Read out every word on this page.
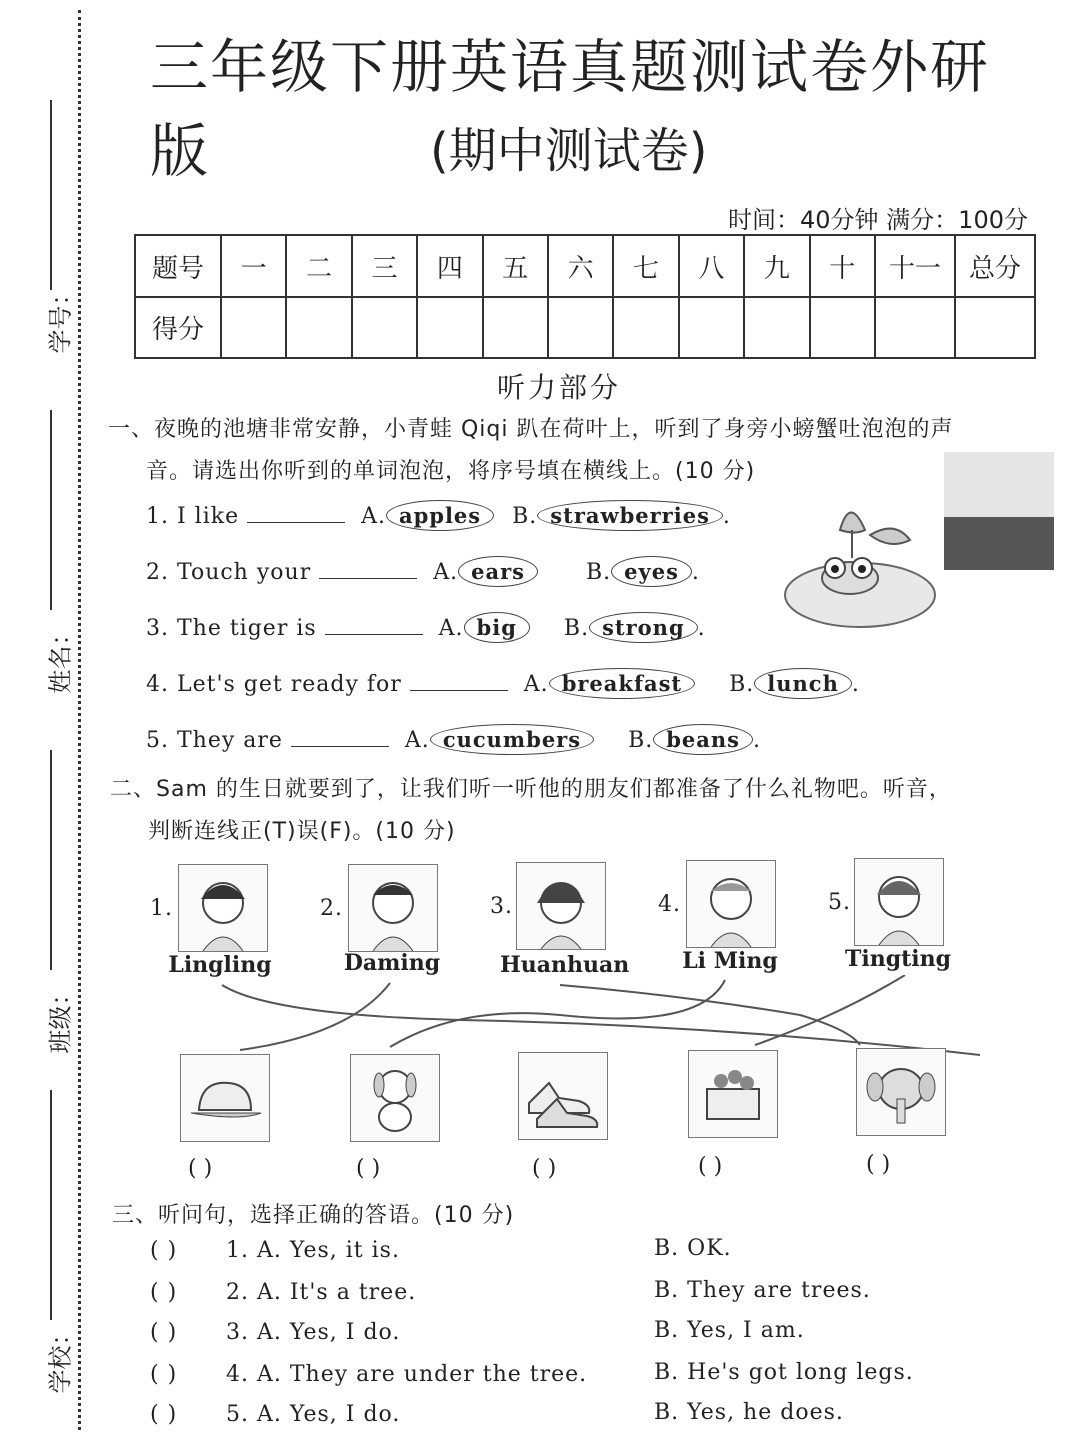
学号：
姓名：
班级：
学校：
三年级下册英语真题测试卷外研版	(期中测试卷)
时间：40分钟 满分：100分
题号	一	二	三	四	五	六	七	八	九	十	十一	总分
得分												
听力部分
一、夜晚的池塘非常安静，小青蛙 Qiqi 趴在荷叶上，听到了身旁小螃蟹吐泡泡的声
音。请选出你听到的单词泡泡，将序号填在横线上。(10 分)
1. I like	A. apples B. strawberries .
2. Touch your	A. ears	B. eyes .
3. The tiger is	A. big B. strong .
4. Let's get ready for	A. breakfast B. lunch .
5. They are	A. cucumbers B. beans .
二、Sam 的生日就要到了，让我们听一听他的朋友们都准备了什么礼物吧。听音，
判断连线正(T)误(F)。(10 分)
1.
Lingling
2.
Daming
3.
Huanhuan
4.
Li Ming
5.
Tingting
( )	( )	( )	( )	( )
三、听问句，选择正确的答语。(10 分)
( ) 1. A. Yes, it is.	B. OK.
( ) 2. A. It's a tree.	B. They are trees.
( ) 3. A. Yes, I do.	B. Yes, I am.
( ) 4. A. They are under the tree.	B. He's got long legs.
( ) 5. A. Yes, I do.	B. Yes, he does.
